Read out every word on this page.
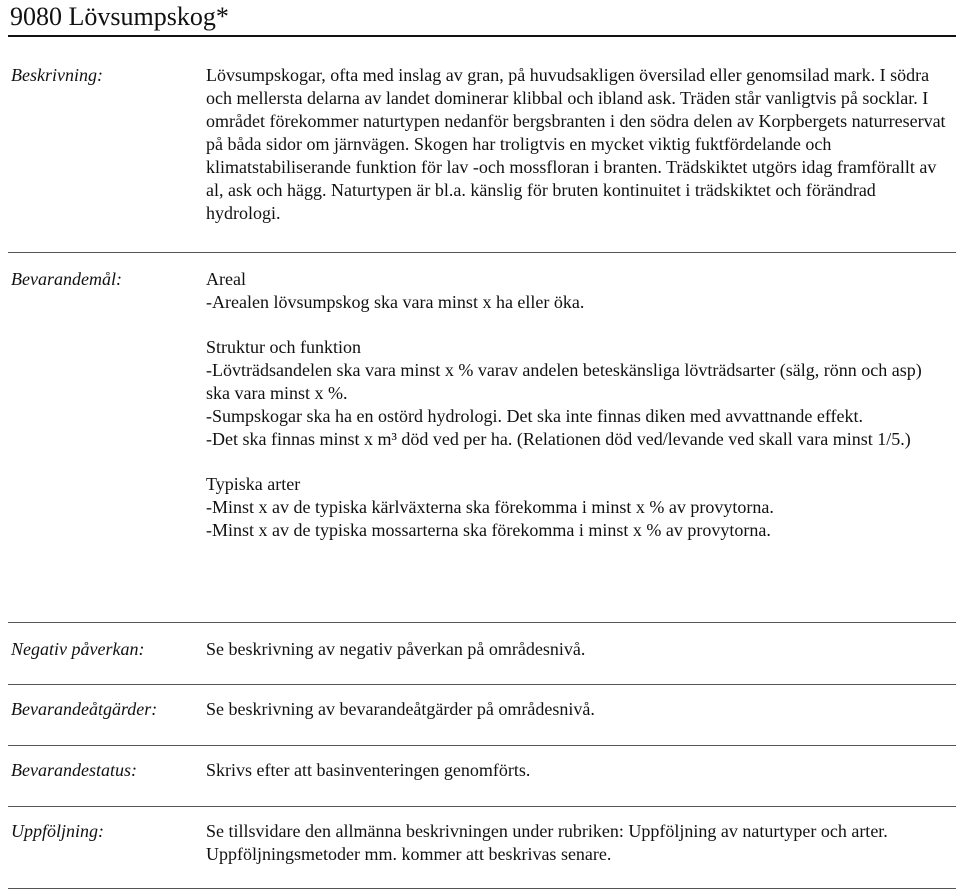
9080 Lövsumpskog*
Beskrivning:	Lövsumpskogar, ofta med inslag av gran, på huvudsakligen översilad eller genomsilad mark. I södra och mellersta delarna av landet dominerar klibbal och ibland ask. Träden står vanligtvis på socklar. I området förekommer naturtypen nedanför bergsbranten i den södra delen av Korpbergets naturreservat på båda sidor om järnvägen. Skogen har troligtvis en mycket viktig fuktfördelande och klimatstabiliserande funktion för lav -och mossfloran i branten. Trädskiktet utgörs idag framförallt av al, ask och hägg. Naturtypen är bl.a. känslig för bruten kontinuitet i trädskiktet och förändrad hydrologi.

Bevarandemål:	Areal

-Arealen lövsumpskog ska vara minst x ha eller öka.

Struktur och funktion

-Lövträdsandelen ska vara minst x % varav andelen beteskänsliga lövträdsarter (sälg, rönn och asp) ska vara minst x %.

-Sumpskogar ska ha en ostörd hydrologi. Det ska inte finnas diken med avvattnande effekt.

-Det ska finnas minst x m³ död ved per ha. (Relationen död ved/levande ved skall vara minst 1/5.)

Typiska arter

-Minst x av de typiska kärlväxterna ska förekomma i minst x % av provytorna.

-Minst x av de typiska mossarterna ska förekomma i minst x % av provytorna.

Negativ påverkan:	Se beskrivning av negativ påverkan på områdesnivå.

Bevarandeåtgärder:	Se beskrivning av bevarandeåtgärder på områdesnivå.

Bevarandestatus:	Skrivs efter att basinventeringen genomförts.

Uppföljning:	Se tillsvidare den allmänna beskrivningen under rubriken: Uppföljning av naturtyper och arter. Uppföljningsmetoder mm. kommer att beskrivas senare.
